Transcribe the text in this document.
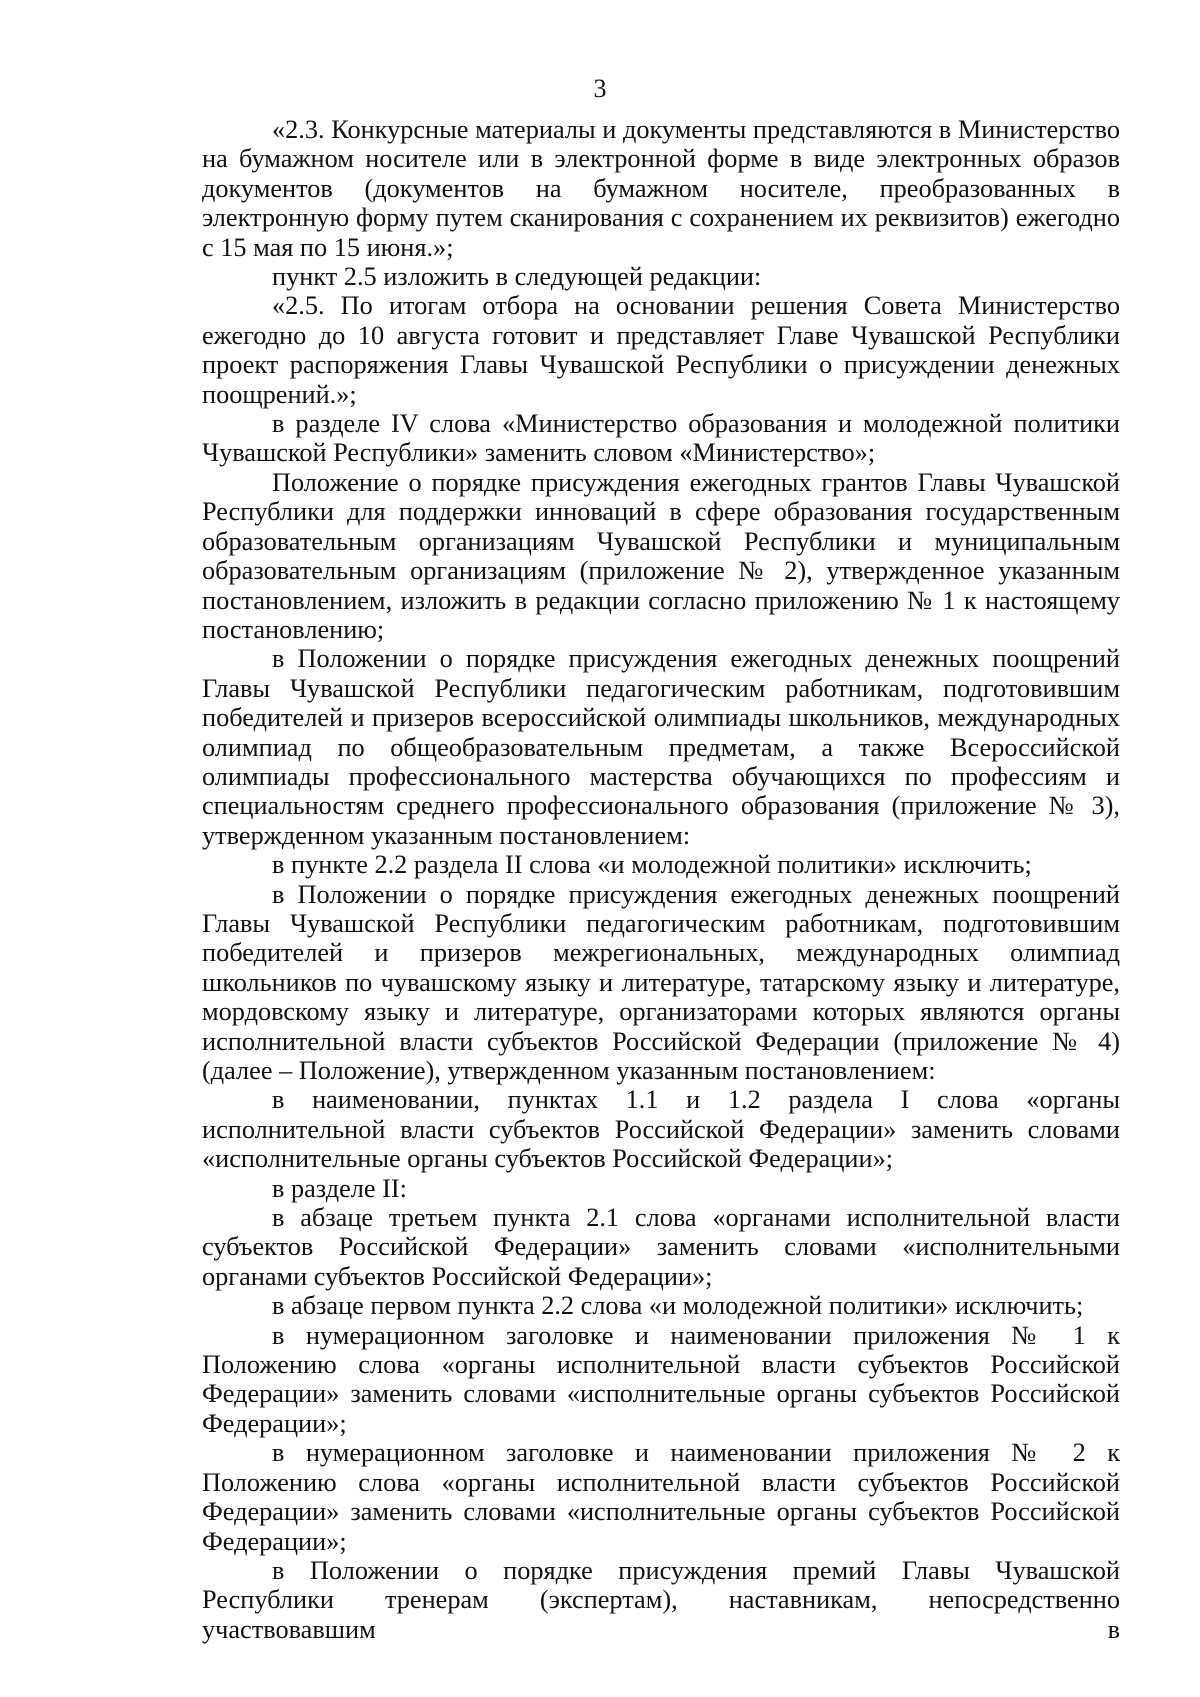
3

«2.3. Конкурсные материалы и документы представляются в Министерство на бумажном носителе или в электронной форме в виде электронных образов документов (документов на бумажном носителе, преобразованных в электронную форму путем сканирования с сохранением их реквизитов) ежегодно с 15 мая по 15 июня.»;

пункт 2.5 изложить в следующей редакции:

«2.5. По итогам отбора на основании решения Совета Министерство ежегодно до 10 августа готовит и представляет Главе Чувашской Республики проект распоряжения Главы Чувашской Республики о присуждении денежных поощрений.»;

в разделе IV слова «Министерство образования и молодежной политики Чувашской Республики» заменить словом «Министерство»;

Положение о порядке присуждения ежегодных грантов Главы Чувашской Республики для поддержки инноваций в сфере образования государственным образовательным организациям Чувашской Республики и муниципальным образовательным организациям (приложение № 2), утвержденное указанным постановлением, изложить в редакции согласно приложению № 1 к настоящему постановлению;

в Положении о порядке присуждения ежегодных денежных поощрений Главы Чувашской Республики педагогическим работникам, подготовившим победителей и призеров всероссийской олимпиады школьников, международных олимпиад по общеобразовательным предметам, а также Всероссийской олимпиады профессионального мастерства обучающихся по профессиям и специальностям среднего профессионального образования (приложение № 3), утвержденном указанным постановлением:

в пункте 2.2 раздела II слова «и молодежной политики» исключить;

в Положении о порядке присуждения ежегодных денежных поощрений Главы Чувашской Республики педагогическим работникам, подготовившим победителей и призеров межрегиональных, международных олимпиад школьников по чувашскому языку и литературе, татарскому языку и литературе, мордовскому языку и литературе, организаторами которых являются органы исполнительной власти субъектов Российской Федерации (приложение № 4) (далее – Положение), утвержденном указанным постановлением:

в наименовании, пунктах 1.1 и 1.2 раздела I слова «органы исполнительной власти субъектов Российской Федерации» заменить словами «исполнительные органы субъектов Российской Федерации»;

в разделе II:

в абзаце третьем пункта 2.1 слова «органами исполнительной власти субъектов Российской Федерации» заменить словами «исполнительными органами субъектов Российской Федерации»;

в абзаце первом пункта 2.2 слова «и молодежной политики» исключить;

в нумерационном заголовке и наименовании приложения № 1 к Положению слова «органы исполнительной власти субъектов Российской Федерации» заменить словами «исполнительные органы субъектов Российской Федерации»;

в нумерационном заголовке и наименовании приложения № 2 к Положению слова «органы исполнительной власти субъектов Российской Федерации» заменить словами «исполнительные органы субъектов Российской Федерации»;

в Положении о порядке присуждения премий Главы Чувашской Республики тренерам (экспертам), наставникам, непосредственно участвовавшим в
